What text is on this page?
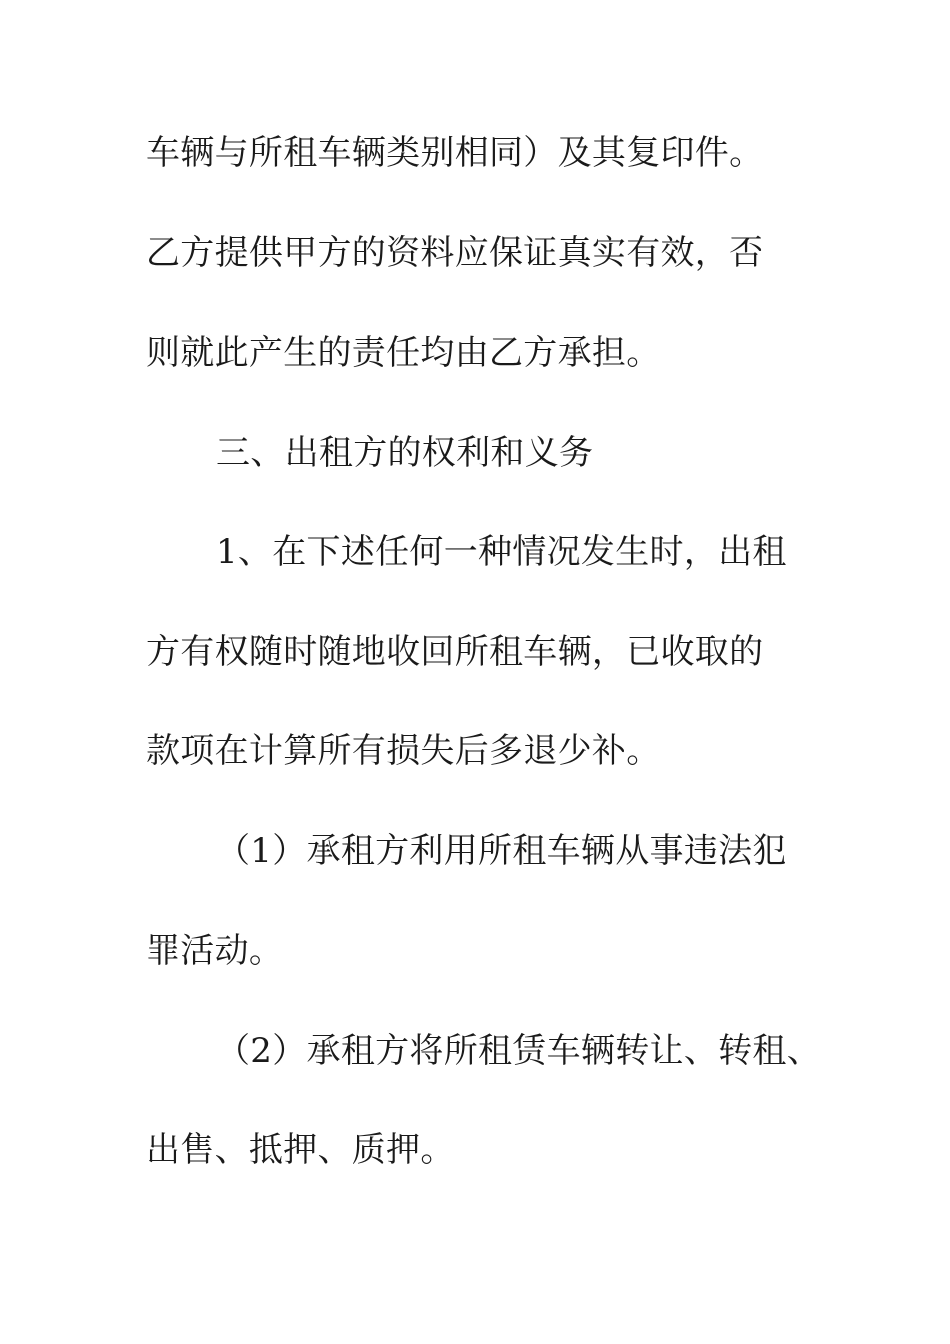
车辆与所租车辆类别相同）及其复印件。

乙方提供甲方的资料应保证真实有效，否

则就此产生的责任均由乙方承担。

三、出租方的权利和义务

1、在下述任何一种情况发生时，出租

方有权随时随地收回所租车辆，已收取的

款项在计算所有损失后多退少补。

（1）承租方利用所租车辆从事违法犯

罪活动。

（2）承租方将所租赁车辆转让、转租、

出售、抵押、质押。
